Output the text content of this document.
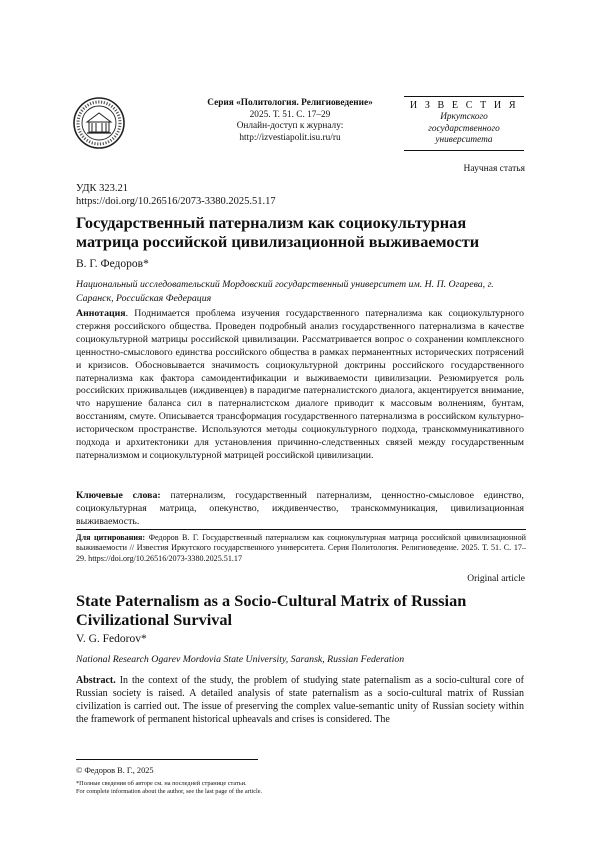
Серия «Политология. Религиоведение»
2025. Т. 51. С. 17–29
Онлайн-доступ к журналу:
http://izvestiapolit.isu.ru/ru
И З В Е С Т И Я
Иркутского
государственного
университета
Научная статья
УДК 323.21
https://doi.org/10.26516/2073-3380.2025.51.17
Государственный патернализм как социокультурная матрица российской цивилизационной выживаемости
В. Г. Федоров*
Национальный исследовательский Мордовский государственный университет им. Н. П. Огарева, г. Саранск, Российская Федерация
Аннотация. Поднимается проблема изучения государственного патернализма как социокультурного стержня российского общества. Проведен подробный анализ государственного патернализма в качестве социокультурной матрицы российской цивилизации. Рассматривается вопрос о сохранении комплексного ценностно-смыслового единства российского общества в рамках перманентных исторических потрясений и кризисов. Обосновывается значимость социокультурной доктрины российского государственного патернализма как фактора самоидентификации и выживаемости цивилизации. Резюмируется роль российских приживальцев (иждивенцев) в парадигме патерналистского диалога, акцентируется внимание, что нарушение баланса сил в патерналистском диалоге приводит к массовым волнениям, бунтам, восстаниям, смуте. Описывается трансформация государственного патернализма в российском культурно-историческом пространстве. Используются методы социокультурного подхода, транскоммуникативного подхода и архитектоники для установления причинно-следственных связей между государственным патернализмом и социокультурной матрицей российской цивилизации.
Ключевые слова: патернализм, государственный патернализм, ценностно-смысловое единство, социокультурная матрица, опекунство, иждивенчество, транскоммуникация, цивилизационная выживаемость.
Для цитирования: Федоров В. Г. Государственный патернализм как социокультурная матрица российской цивилизационной выживаемости // Известия Иркутского государственного университета. Серия Политология. Религиоведение. 2025. Т. 51. С. 17–29. https://doi.org/10.26516/2073-3380.2025.51.17
Original article
State Paternalism as a Socio-Cultural Matrix of Russian Civilizational Survival
V. G. Fedorov*
National Research Ogarev Mordovia State University, Saransk, Russian Federation
Abstract. In the context of the study, the problem of studying state paternalism as a socio-cultural core of Russian society is raised. A detailed analysis of state paternalism as a socio-cultural matrix of Russian civilization is carried out. The issue of preserving the complex value-semantic unity of Russian society within the framework of permanent historical upheavals and crises is considered. The
© Федоров В. Г., 2025
*Полные сведения об авторе см. на последней странице статьи.
For complete information about the author, see the last page of the article.
